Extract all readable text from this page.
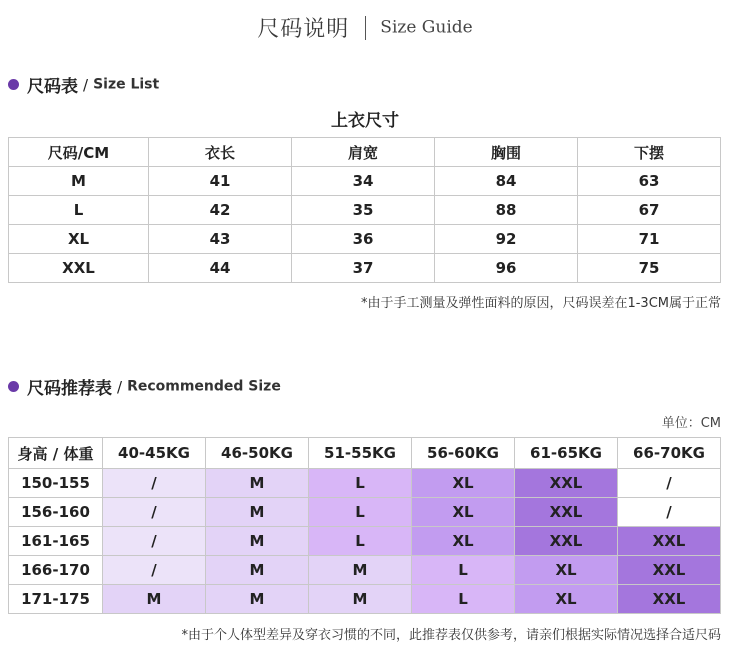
尺码说明 Size Guide
尺码表 / Size List
上衣尺寸
尺码/CM	衣长	肩宽	胸围	下摆
M	41	34	84	63
L	42	35	88	67
XL	43	36	92	71
XXL	44	37	96	75
*由于手工测量及弹性面料的原因，尺码误差在1-3CM属于正常
尺码推荐表 / Recommended Size
单位：CM
身高 / 体重	40-45KG	46-50KG	51-55KG	56-60KG	61-65KG	66-70KG
150-155	/	M	L	XL	XXL	/
156-160	/	M	L	XL	XXL	/
161-165	/	M	L	XL	XXL	XXL
166-170	/	M	M	L	XL	XXL
171-175	M	M	M	L	XL	XXL
*由于个人体型差异及穿衣习惯的不同，此推荐表仅供参考，请亲们根据实际情况选择合适尺码
